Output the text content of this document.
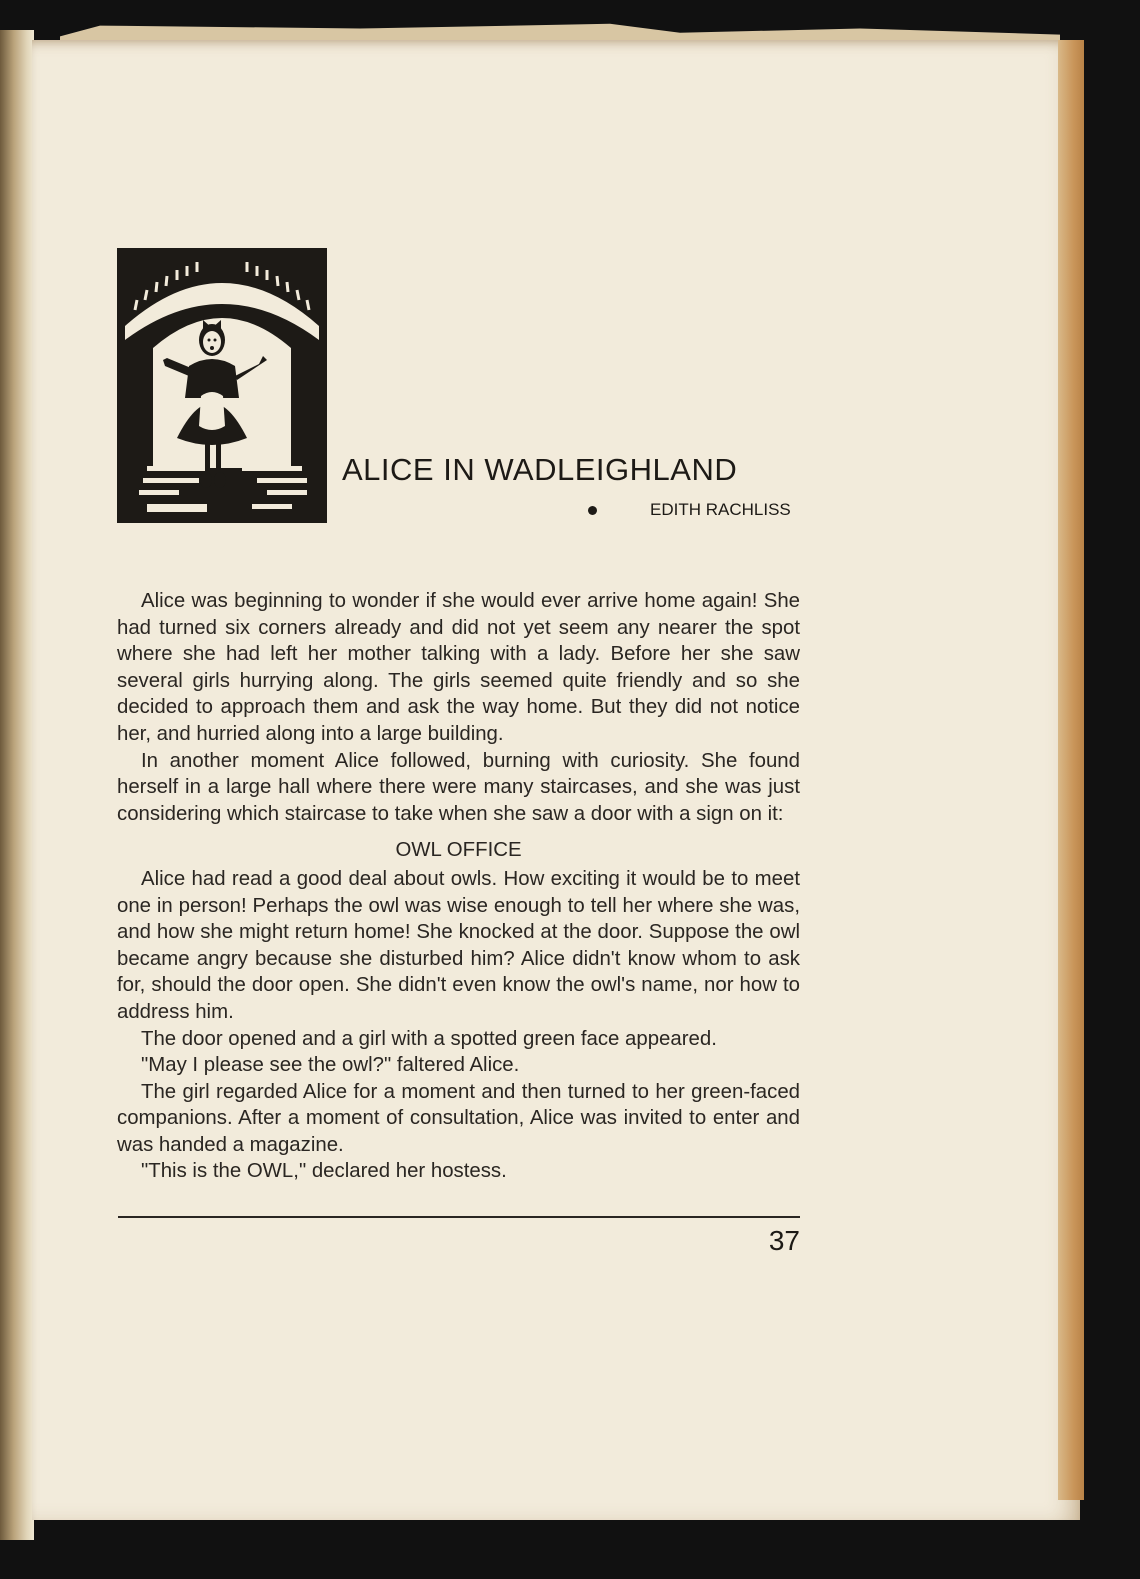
ALICE IN WADLEIGHLAND
EDITH RACHLISS

Alice was beginning to wonder if she would ever arrive home again! She had turned six corners already and did not yet seem any nearer the spot where she had left her mother talking with a lady. Before her she saw several girls hurrying along. The girls seemed quite friendly and so she decided to approach them and ask the way home. But they did not notice her, and hurried along into a large building.

In another moment Alice followed, burning with curiosity. She found herself in a large hall where there were many staircases, and she was just considering which staircase to take when she saw a door with a sign on it:

OWL OFFICE

Alice had read a good deal about owls. How exciting it would be to meet one in person! Perhaps the owl was wise enough to tell her where she was, and how she might return home! She knocked at the door. Suppose the owl became angry because she disturbed him? Alice didn't know whom to ask for, should the door open. She didn't even know the owl's name, nor how to address him.

The door opened and a girl with a spotted green face appeared.

"May I please see the owl?" faltered Alice.

The girl regarded Alice for a moment and then turned to her green-faced companions. After a moment of consultation, Alice was invited to enter and was handed a magazine.

"This is the OWL," declared her hostess.

37
